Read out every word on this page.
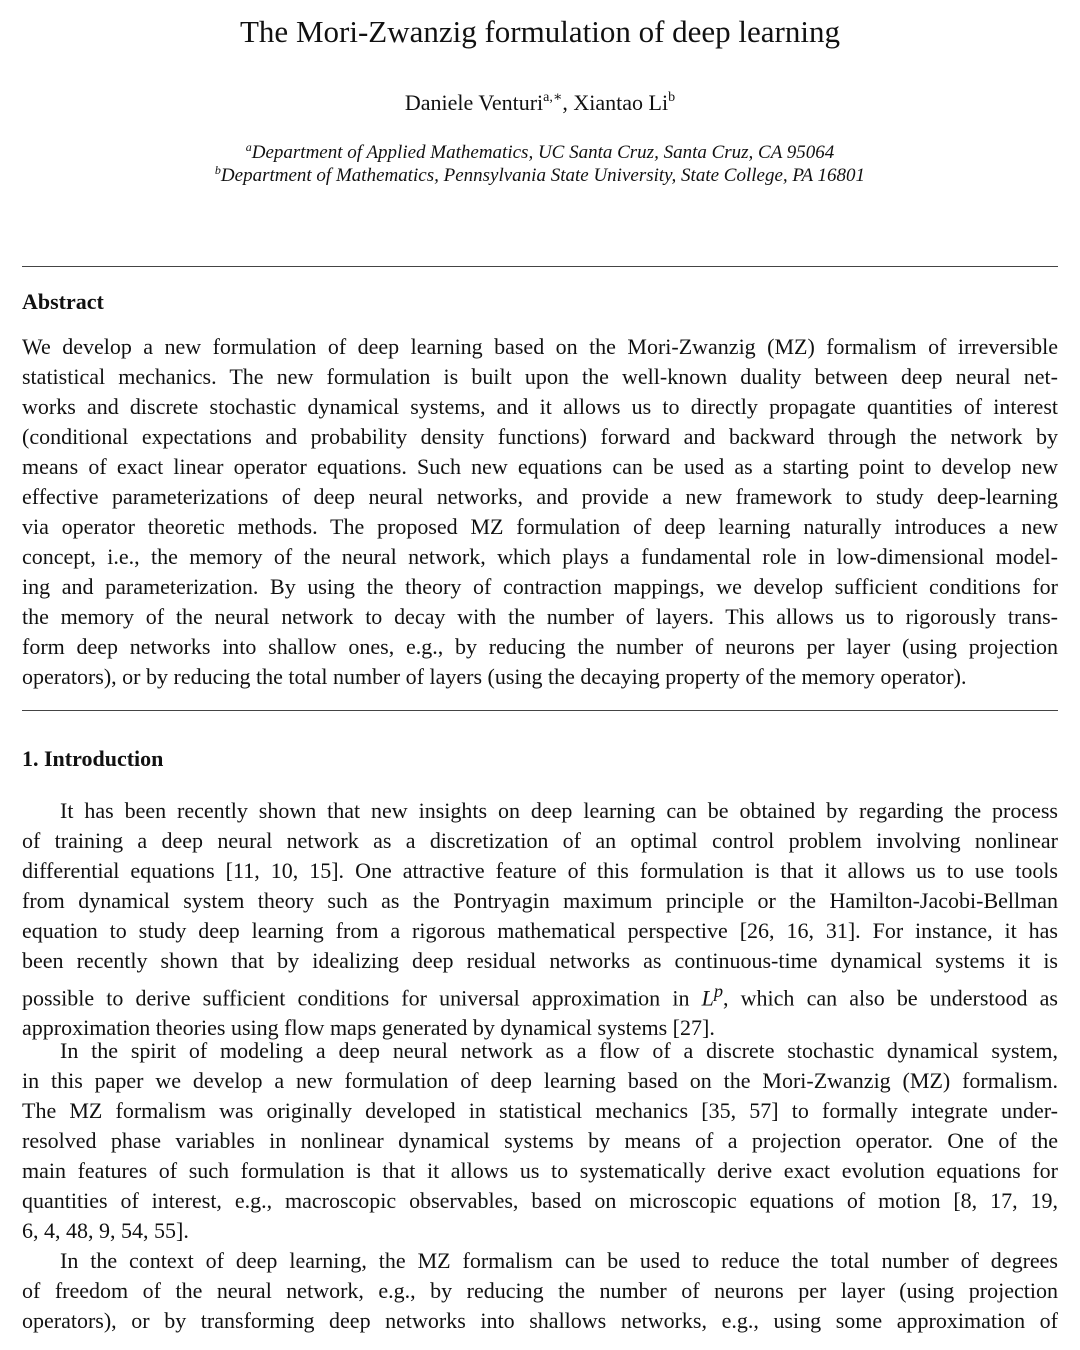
The Mori-Zwanzig formulation of deep learning
Daniele Venturi$^{a,∗}$, Xiantao Li$^b$
$^a$Department of Applied Mathematics, UC Santa Cruz, Santa Cruz, CA 95064
$^b$Department of Mathematics, Pennsylvania State University, State College, PA 16801
Abstract
We develop a new formulation of deep learning based on the Mori-Zwanzig (MZ) formalism of irreversible
statistical mechanics. The new formulation is built upon the well-known duality between deep neural net-
works and discrete stochastic dynamical systems, and it allows us to directly propagate quantities of interest
(conditional expectations and probability density functions) forward and backward through the network by
means of exact linear operator equations. Such new equations can be used as a starting point to develop new
effective parameterizations of deep neural networks, and provide a new framework to study deep-learning
via operator theoretic methods. The proposed MZ formulation of deep learning naturally introduces a new
concept, i.e., the memory of the neural network, which plays a fundamental role in low-dimensional model-
ing and parameterization. By using the theory of contraction mappings, we develop sufficient conditions for
the memory of the neural network to decay with the number of layers. This allows us to rigorously trans-
form deep networks into shallow ones, e.g., by reducing the number of neurons per layer (using projection
operators), or by reducing the total number of layers (using the decaying property of the memory operator).
1. Introduction
It has been recently shown that new insights on deep learning can be obtained by regarding the process
of training a deep neural network as a discretization of an optimal control problem involving nonlinear
differential equations [11, 10, 15]. One attractive feature of this formulation is that it allows us to use tools
from dynamical system theory such as the Pontryagin maximum principle or the Hamilton-Jacobi-Bellman
equation to study deep learning from a rigorous mathematical perspective [26, 16, 31]. For instance, it has
been recently shown that by idealizing deep residual networks as continuous-time dynamical systems it is
possible to derive sufficient conditions for universal approximation in $L^p$, which can also be understood as
approximation theories using flow maps generated by dynamical systems [27].
In the spirit of modeling a deep neural network as a flow of a discrete stochastic dynamical system,
in this paper we develop a new formulation of deep learning based on the Mori-Zwanzig (MZ) formalism.
The MZ formalism was originally developed in statistical mechanics [35, 57] to formally integrate under-
resolved phase variables in nonlinear dynamical systems by means of a projection operator. One of the
main features of such formulation is that it allows us to systematically derive exact evolution equations for
quantities of interest, e.g., macroscopic observables, based on microscopic equations of motion [8, 17, 19,
6, 4, 48, 9, 54, 55].
In the context of deep learning, the MZ formalism can be used to reduce the total number of degrees
of freedom of the neural network, e.g., by reducing the number of neurons per layer (using projection
operators), or by transforming deep networks into shallows networks, e.g., using some approximation of
